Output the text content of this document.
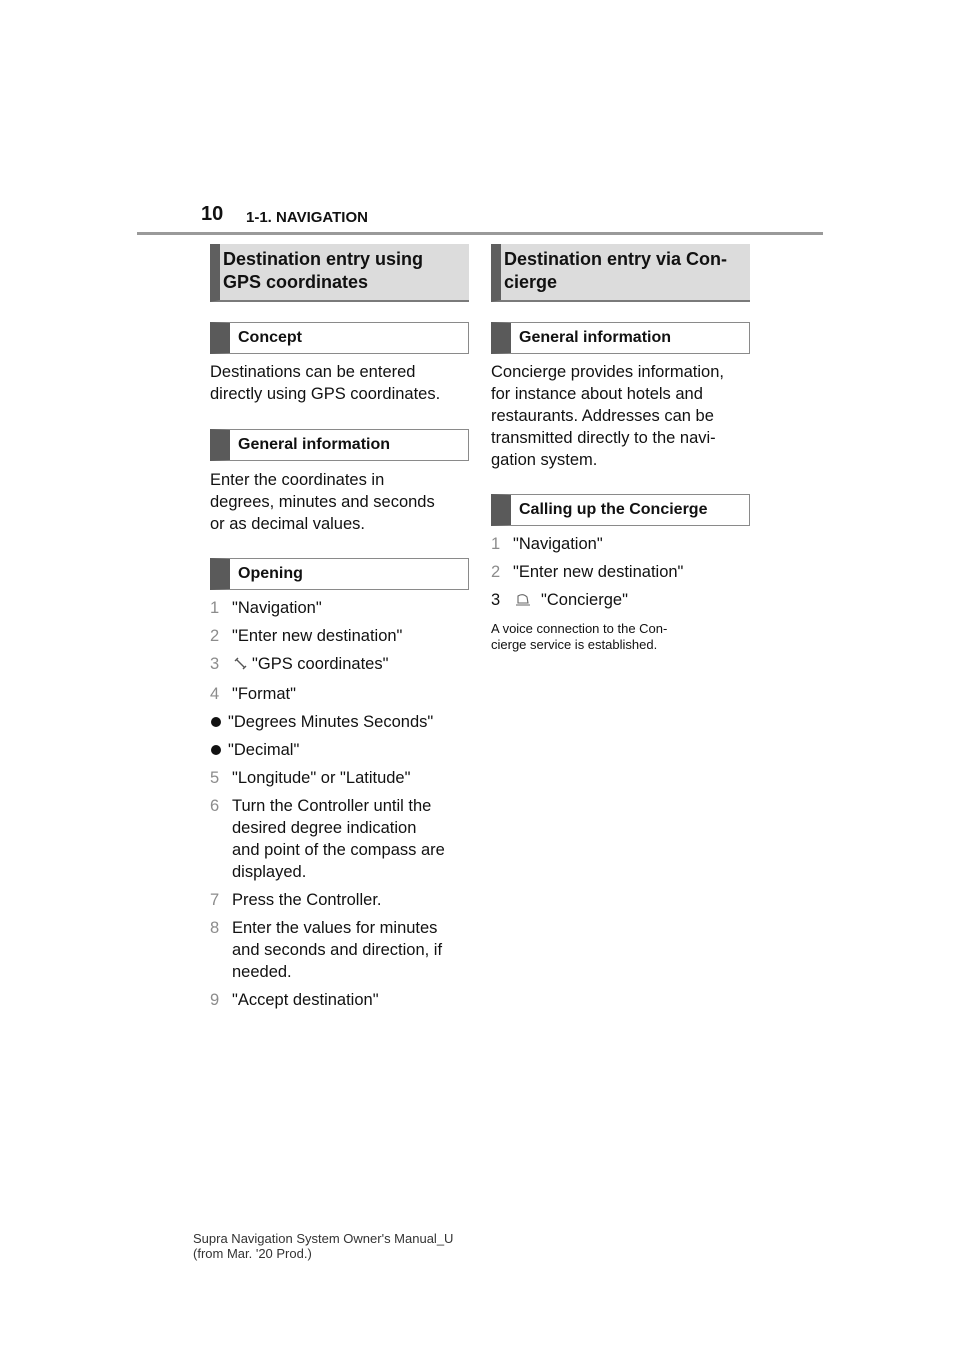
10 1-1. NAVIGATION
Destination entry using
GPS coordinates
Concept
Destinations can be entered
directly using GPS coordinates.
General information
Enter the coordinates in
degrees, minutes and seconds
or as decimal values.
Opening
1 "Navigation"
2 "Enter new destination"
3 "GPS coordinates"
4 "Format"
"Degrees Minutes Seconds"
"Decimal"
5 "Longitude" or "Latitude"
6 Turn the Controller until the
desired degree indication
and point of the compass are
displayed.
7 Press the Controller.
8 Enter the values for minutes
and seconds and direction, if
needed.
9 "Accept destination"
Destination entry via Con-
cierge
General information
Concierge provides information,
for instance about hotels and
restaurants. Addresses can be
transmitted directly to the navi-
gation system.
Calling up the Concierge
1 "Navigation"
2 "Enter new destination"
3 "Concierge"
A voice connection to the Con-
cierge service is established.
Supra Navigation System Owner's Manual_U
(from Mar. '20 Prod.)
